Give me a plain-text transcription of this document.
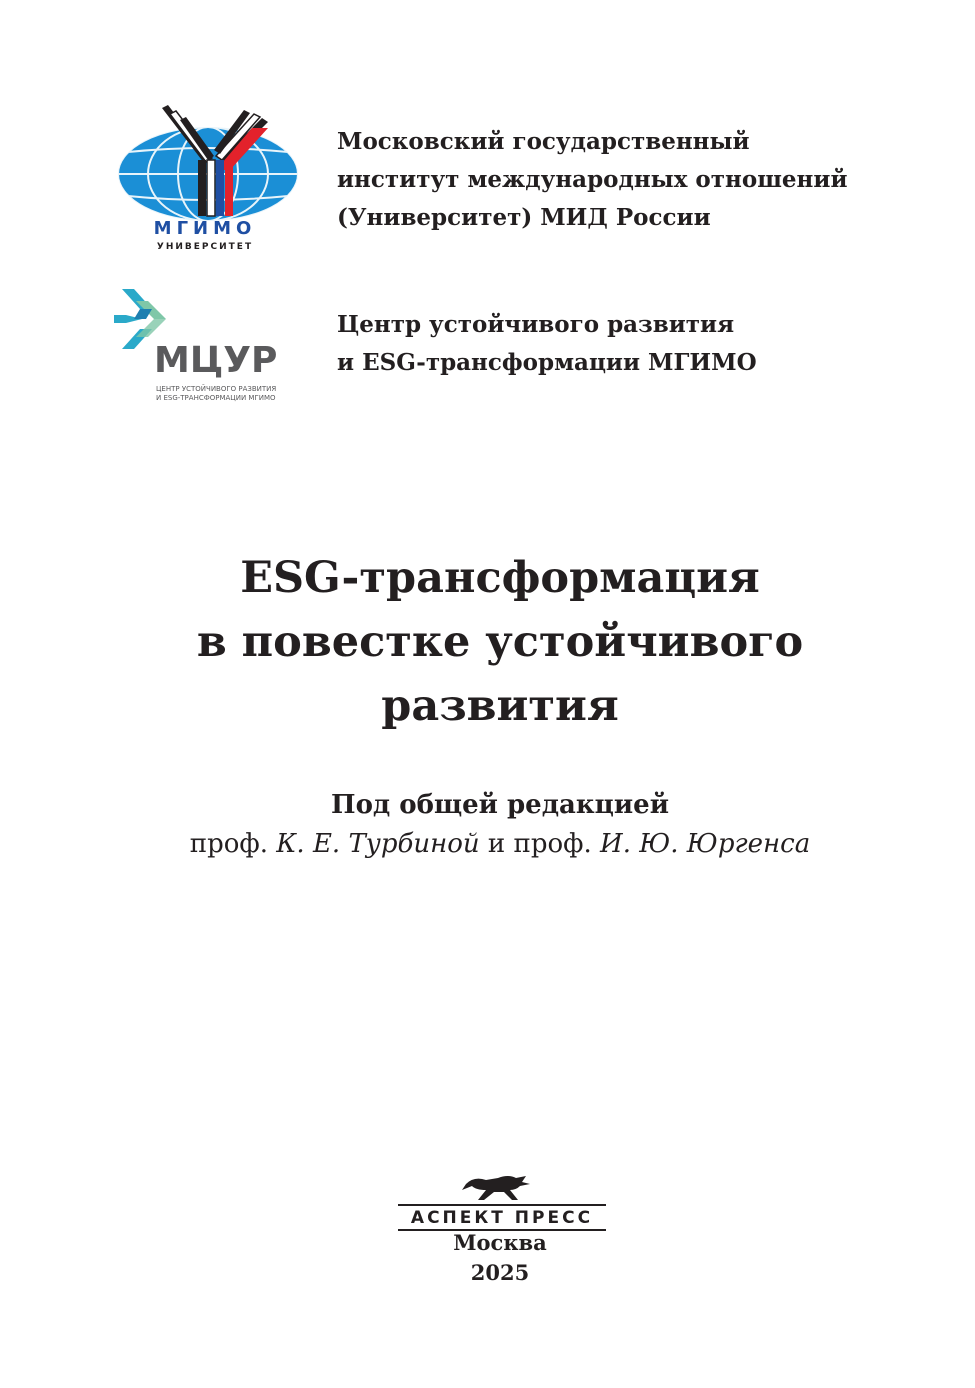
МГИМО
УНИВЕРСИТЕТ
Московский государственный
институт международных отношений
(Университет) МИД России
МЦУР
ЦЕНТР УСТОЙЧИВОГО РАЗВИТИЯ
И ESG-ТРАНСФОРМАЦИИ МГИМО
Центр устойчивого развития
и ESG-трансформации МГИМО
ESG-трансформация
в повестке устойчивого
развития
Под общей редакцией
проф. К. Е. Турбиной и проф. И. Ю. Юргенса
АСПЕКТ ПРЕСС
Москва
2025
